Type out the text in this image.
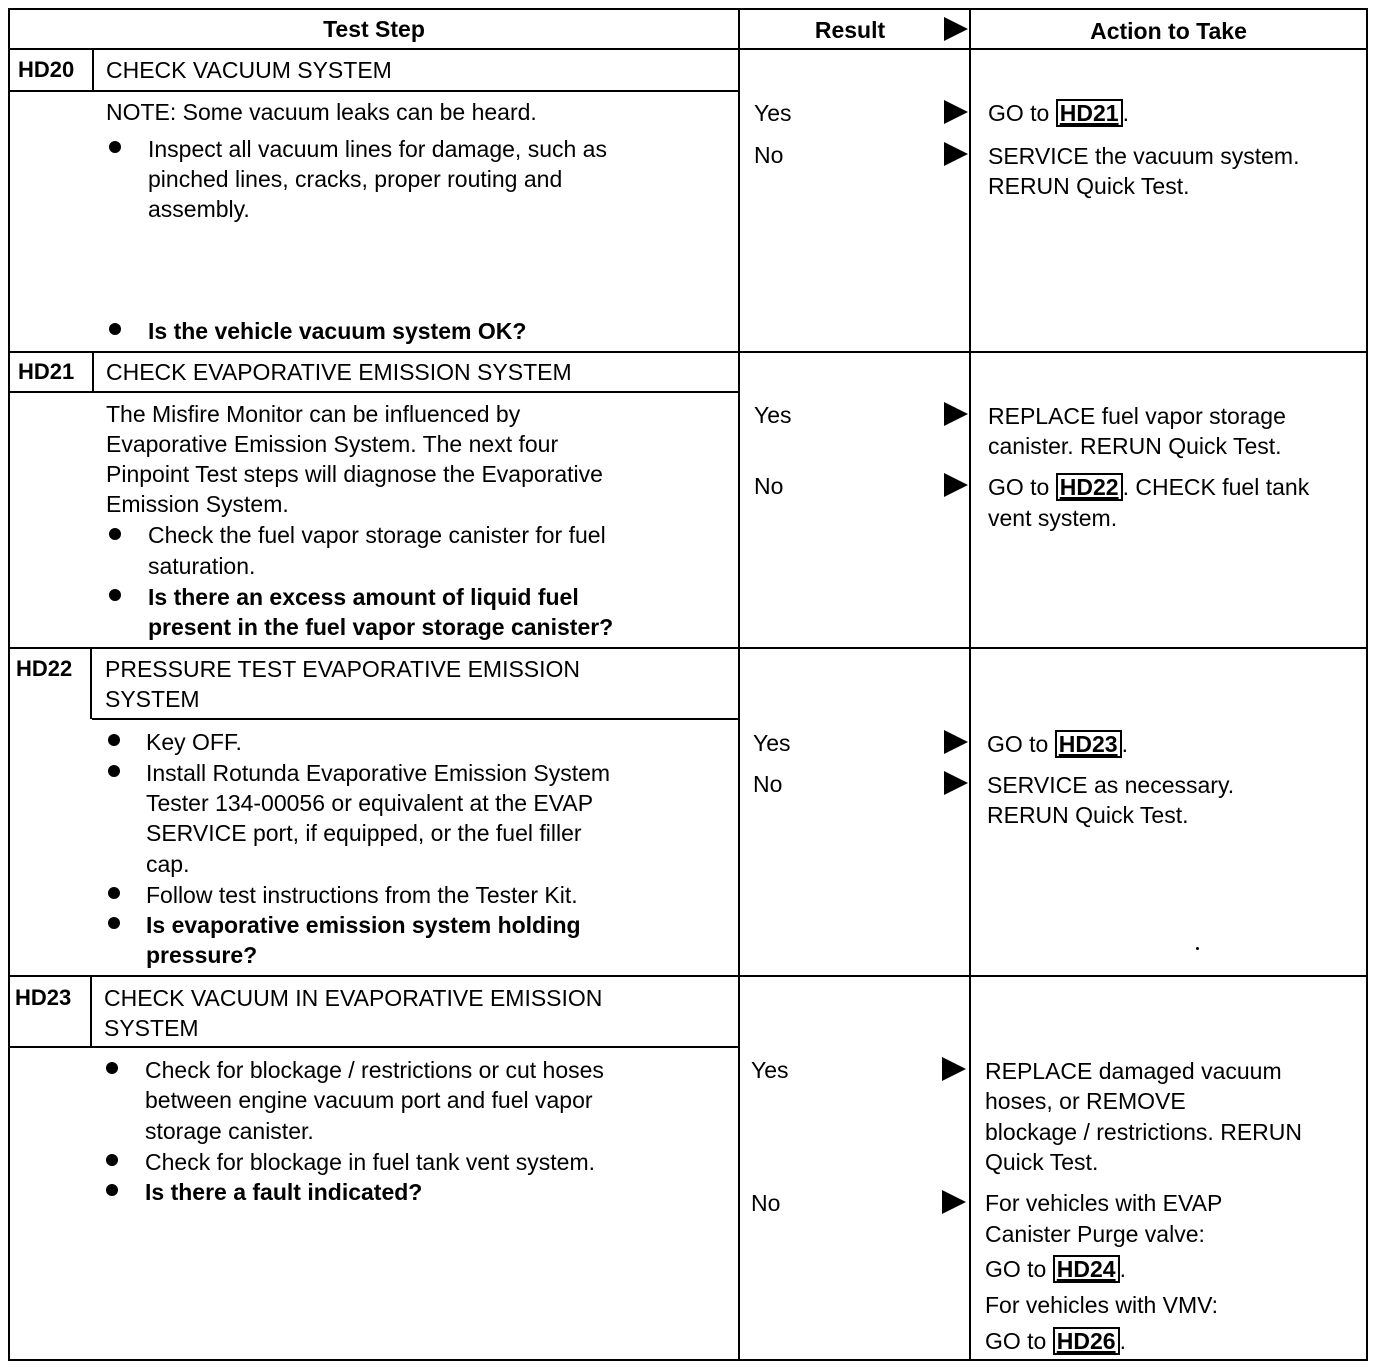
Test Step	Result	Action to Take
HD20 CHECK VACUUM SYSTEM
NOTE: Some vacuum leaks can be heard.
Inspect all vacuum lines for damage, such as
pinched lines, cracks, proper routing and
assembly.
Is the vehicle vacuum system OK?
Yes
No
GO to HD21 .
SERVICE the vacuum system.
RERUN Quick Test.
HD21 CHECK EVAPORATIVE EMISSION SYSTEM
The Misfire Monitor can be influenced by
Evaporative Emission System. The next four
Pinpoint Test steps will diagnose the Evaporative
Emission System.
Check the fuel vapor storage canister for fuel
saturation.
Is there an excess amount of liquid fuel
present in the fuel vapor storage canister?
Yes
No
REPLACE fuel vapor storage
canister. RERUN Quick Test.
GO to HD22 . CHECK fuel tank
vent system.
HD22 PRESSURE TEST EVAPORATIVE EMISSION
SYSTEM
Key OFF.
Install Rotunda Evaporative Emission System
Tester 134-00056 or equivalent at the EVAP
SERVICE port, if equipped, or the fuel filler
cap.
Follow test instructions from the Tester Kit.
Is evaporative emission system holding
pressure?
Yes
No
GO to HD23 .
SERVICE as necessary.
RERUN Quick Test.
HD23 CHECK VACUUM IN EVAPORATIVE EMISSION
SYSTEM
Check for blockage / restrictions or cut hoses
between engine vacuum port and fuel vapor
storage canister.
Check for blockage in fuel tank vent system.
Is there a fault indicated?
Yes
No
REPLACE damaged vacuum
hoses, or REMOVE
blockage / restrictions. RERUN
Quick Test.
For vehicles with EVAP
Canister Purge valve:
GO to HD24 .
For vehicles with VMV:
GO to HD26 .
